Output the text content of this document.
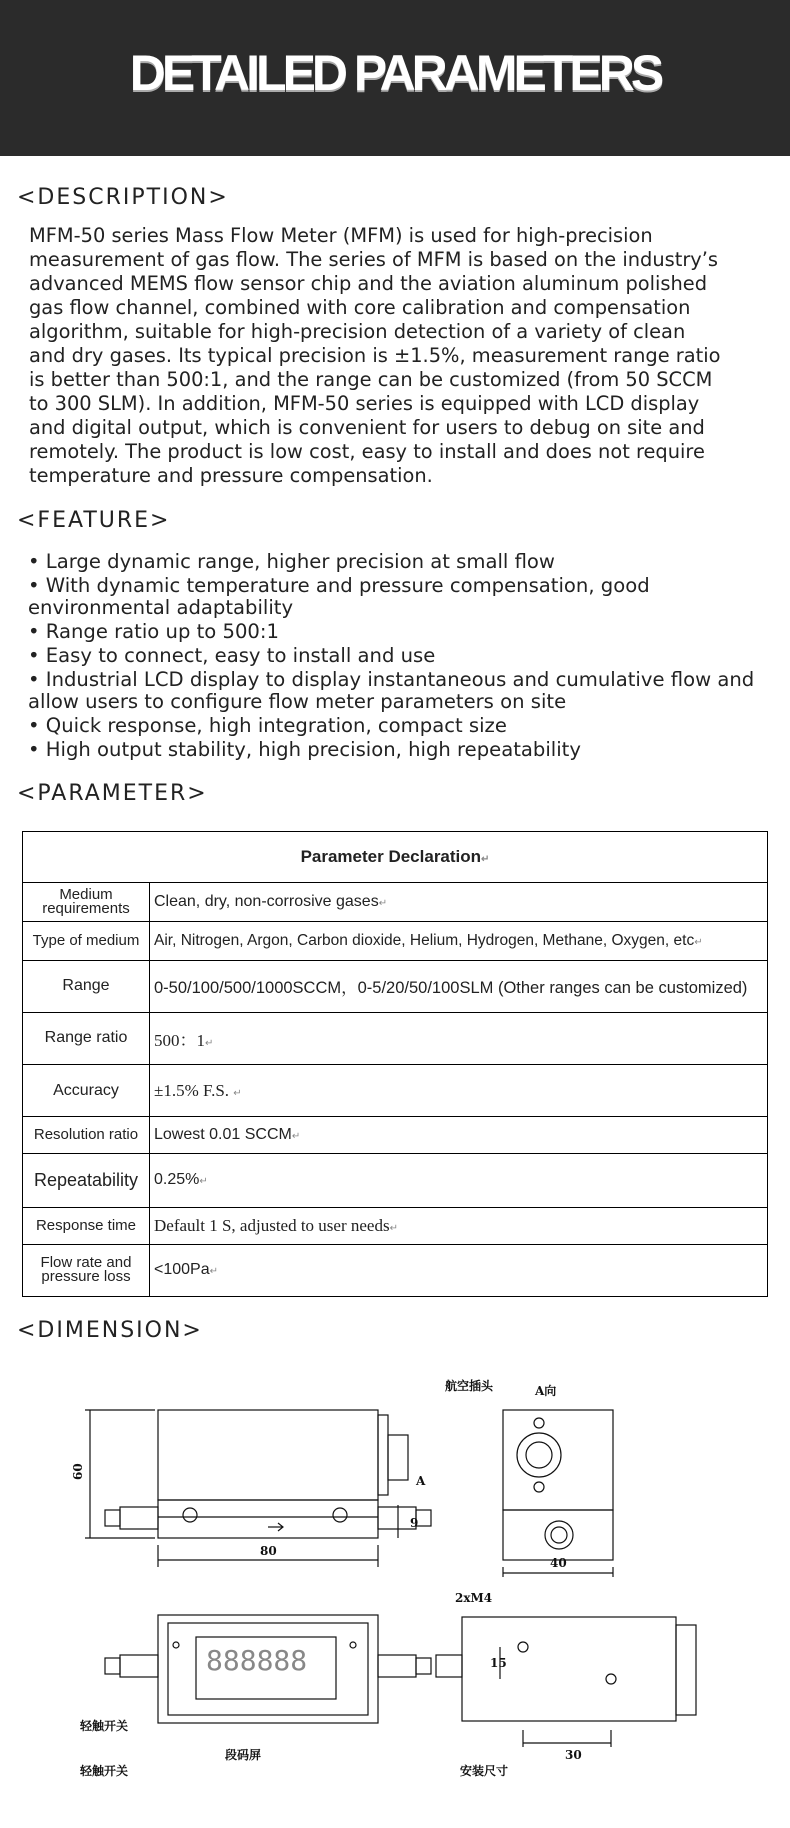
DETAILED PARAMETERS
<DESCRIPTION>
MFM-50 series Mass Flow Meter (MFM) is used for high-precision
measurement of gas flow. The series of MFM is based on the industry’s
advanced MEMS flow sensor chip and the aviation aluminum polished
gas flow channel, combined with core calibration and compensation
algorithm, suitable for high-precision detection of a variety of clean
and dry gases. Its typical precision is ±1.5%, measurement range ratio
is better than 500:1, and the range can be customized (from 50 SCCM
to 300 SLM). In addition, MFM-50 series is equipped with LCD display
and digital output, which is convenient for users to debug on site and
remotely. The product is low cost, easy to install and does not require
temperature and pressure compensation.
<FEATURE>
• Large dynamic range, higher precision at small flow
• With dynamic temperature and pressure compensation, good environmental adaptability
• Range ratio up to 500:1
• Easy to connect, easy to install and use
• Industrial LCD display to display instantaneous and cumulative flow and allow users to configure flow meter parameters on site
• Quick response, high integration, compact size
• High output stability, high precision, high repeatability
<PARAMETER>
Parameter Declaration↵	
Medium requirements	Clean, dry, non-corrosive gases↵
Type of medium	Air, Nitrogen, Argon, Carbon dioxide, Helium, Hydrogen, Methane, Oxygen, etc↵
Range	0-50/100/500/1000SCCM，0-5/20/50/100SLM (Other ranges can be customized)
Range ratio	500：1↵
Accuracy	±1.5% F.S. ↵
Resolution ratio	Lowest 0.01 SCCM↵
Repeatability	0.25%↵
Response time	Default 1 S, adjusted to user needs↵
Flow rate and pressure loss	<100Pa↵
<DIMENSION>
888888
60
80
40
9
A
A向
航空插头
2xM4
15
30
轻触开关
轻触开关
段码屏
安装尺寸
